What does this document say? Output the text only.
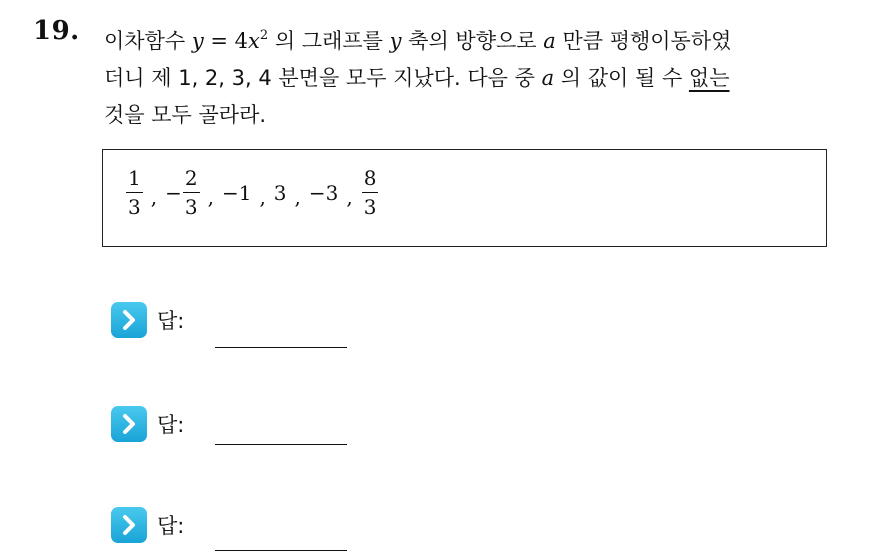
19. 이차함수 $y = 4x^2$ 의 그래프를 y 축의 방향으로 a 만큼 평행이동하였
더니 제 1, 2, 3, 4 분면을 모두 지났다. 다음 중 a 의 값이 될 수 없는
것을 모두 골라라.
$\frac{1}{3}$ , − $\frac{2}{3}$ , −1 , 3 , −3 , $\frac{8}{3}$
답:
답:
답:
